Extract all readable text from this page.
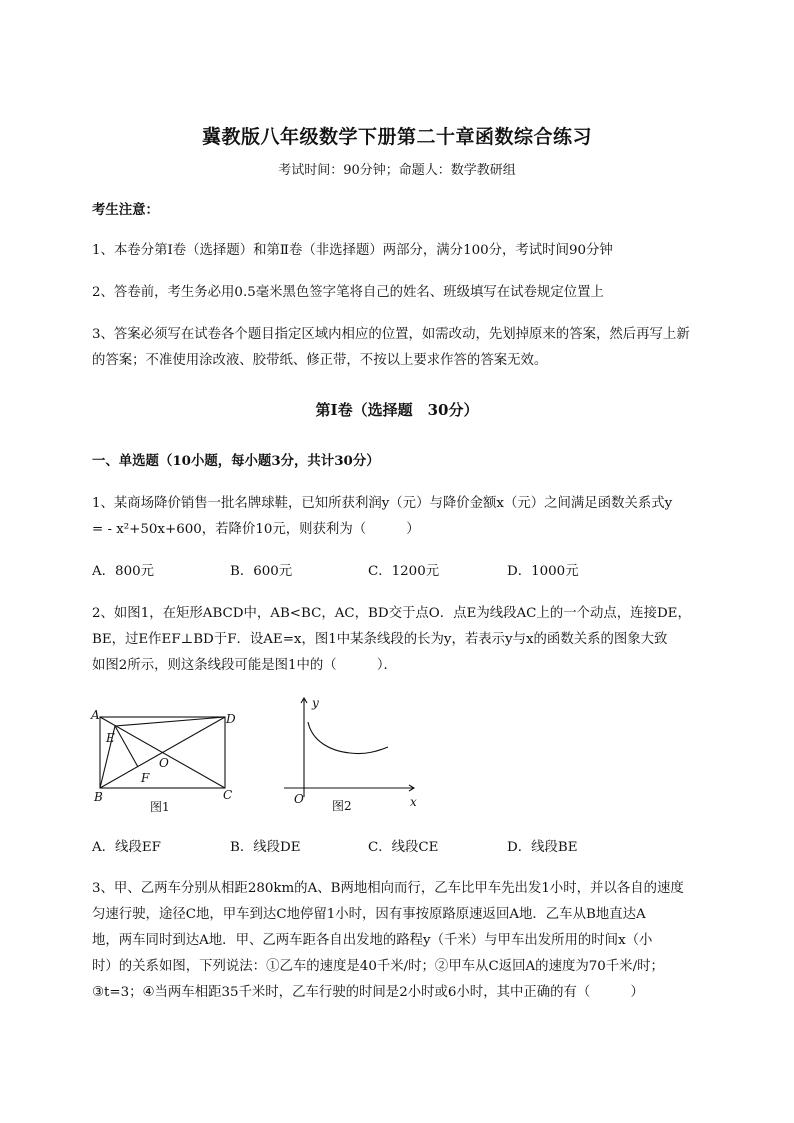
冀教版八年级数学下册第二十章函数综合练习
考试时间：90分钟；命题人：数学教研组
考生注意：
1、本卷分第I卷（选择题）和第Ⅱ卷（非选择题）两部分，满分100分，考试时间90分钟
2、答卷前，考生务必用0.5毫米黑色签字笔将自己的姓名、班级填写在试卷规定位置上
3、答案必须写在试卷各个题目指定区域内相应的位置，如需改动，先划掉原来的答案，然后再写上新
的答案；不准使用涂改液、胶带纸、修正带，不按以上要求作答的答案无效。
第I卷（选择题　30分）
一、单选题（10小题，每小题3分，共计30分）
1、某商场降价销售一批名牌球鞋，已知所获利润y（元）与降价金额x（元）之间满足函数关系式y
= - x²+50x+600，若降价10元，则获利为（　　　）
A．800元	B．600元	C．1200元	D．1000元
2、如图1，在矩形ABCD中，AB<BC，AC，BD交于点O．点E为线段AC上的一个动点，连接DE，
BE，过E作EF⊥BD于F．设AE=x，图1中某条线段的长为y，若表示y与x的函数关系的图象大致
如图2所示，则这条线段可能是图1中的（　　　）．
A	D
E
O
F
B	C
图1
y
O	x
图2
A．线段EF	B．线段DE	C．线段CE	D．线段BE
3、甲、乙两车分别从相距280km的A、B两地相向而行，乙车比甲车先出发1小时，并以各自的速度
匀速行驶，途径C地，甲车到达C地停留1小时，因有事按原路原速返回A地．乙车从B地直达A
地，两车同时到达A地．甲、乙两车距各自出发地的路程y（千米）与甲车出发所用的时间x（小
时）的关系如图，下列说法：①乙车的速度是40千米/时；②甲车从C返回A的速度为70千米/时；
③t=3；④当两车相距35千米时，乙车行驶的时间是2小时或6小时，其中正确的有（　　　）
